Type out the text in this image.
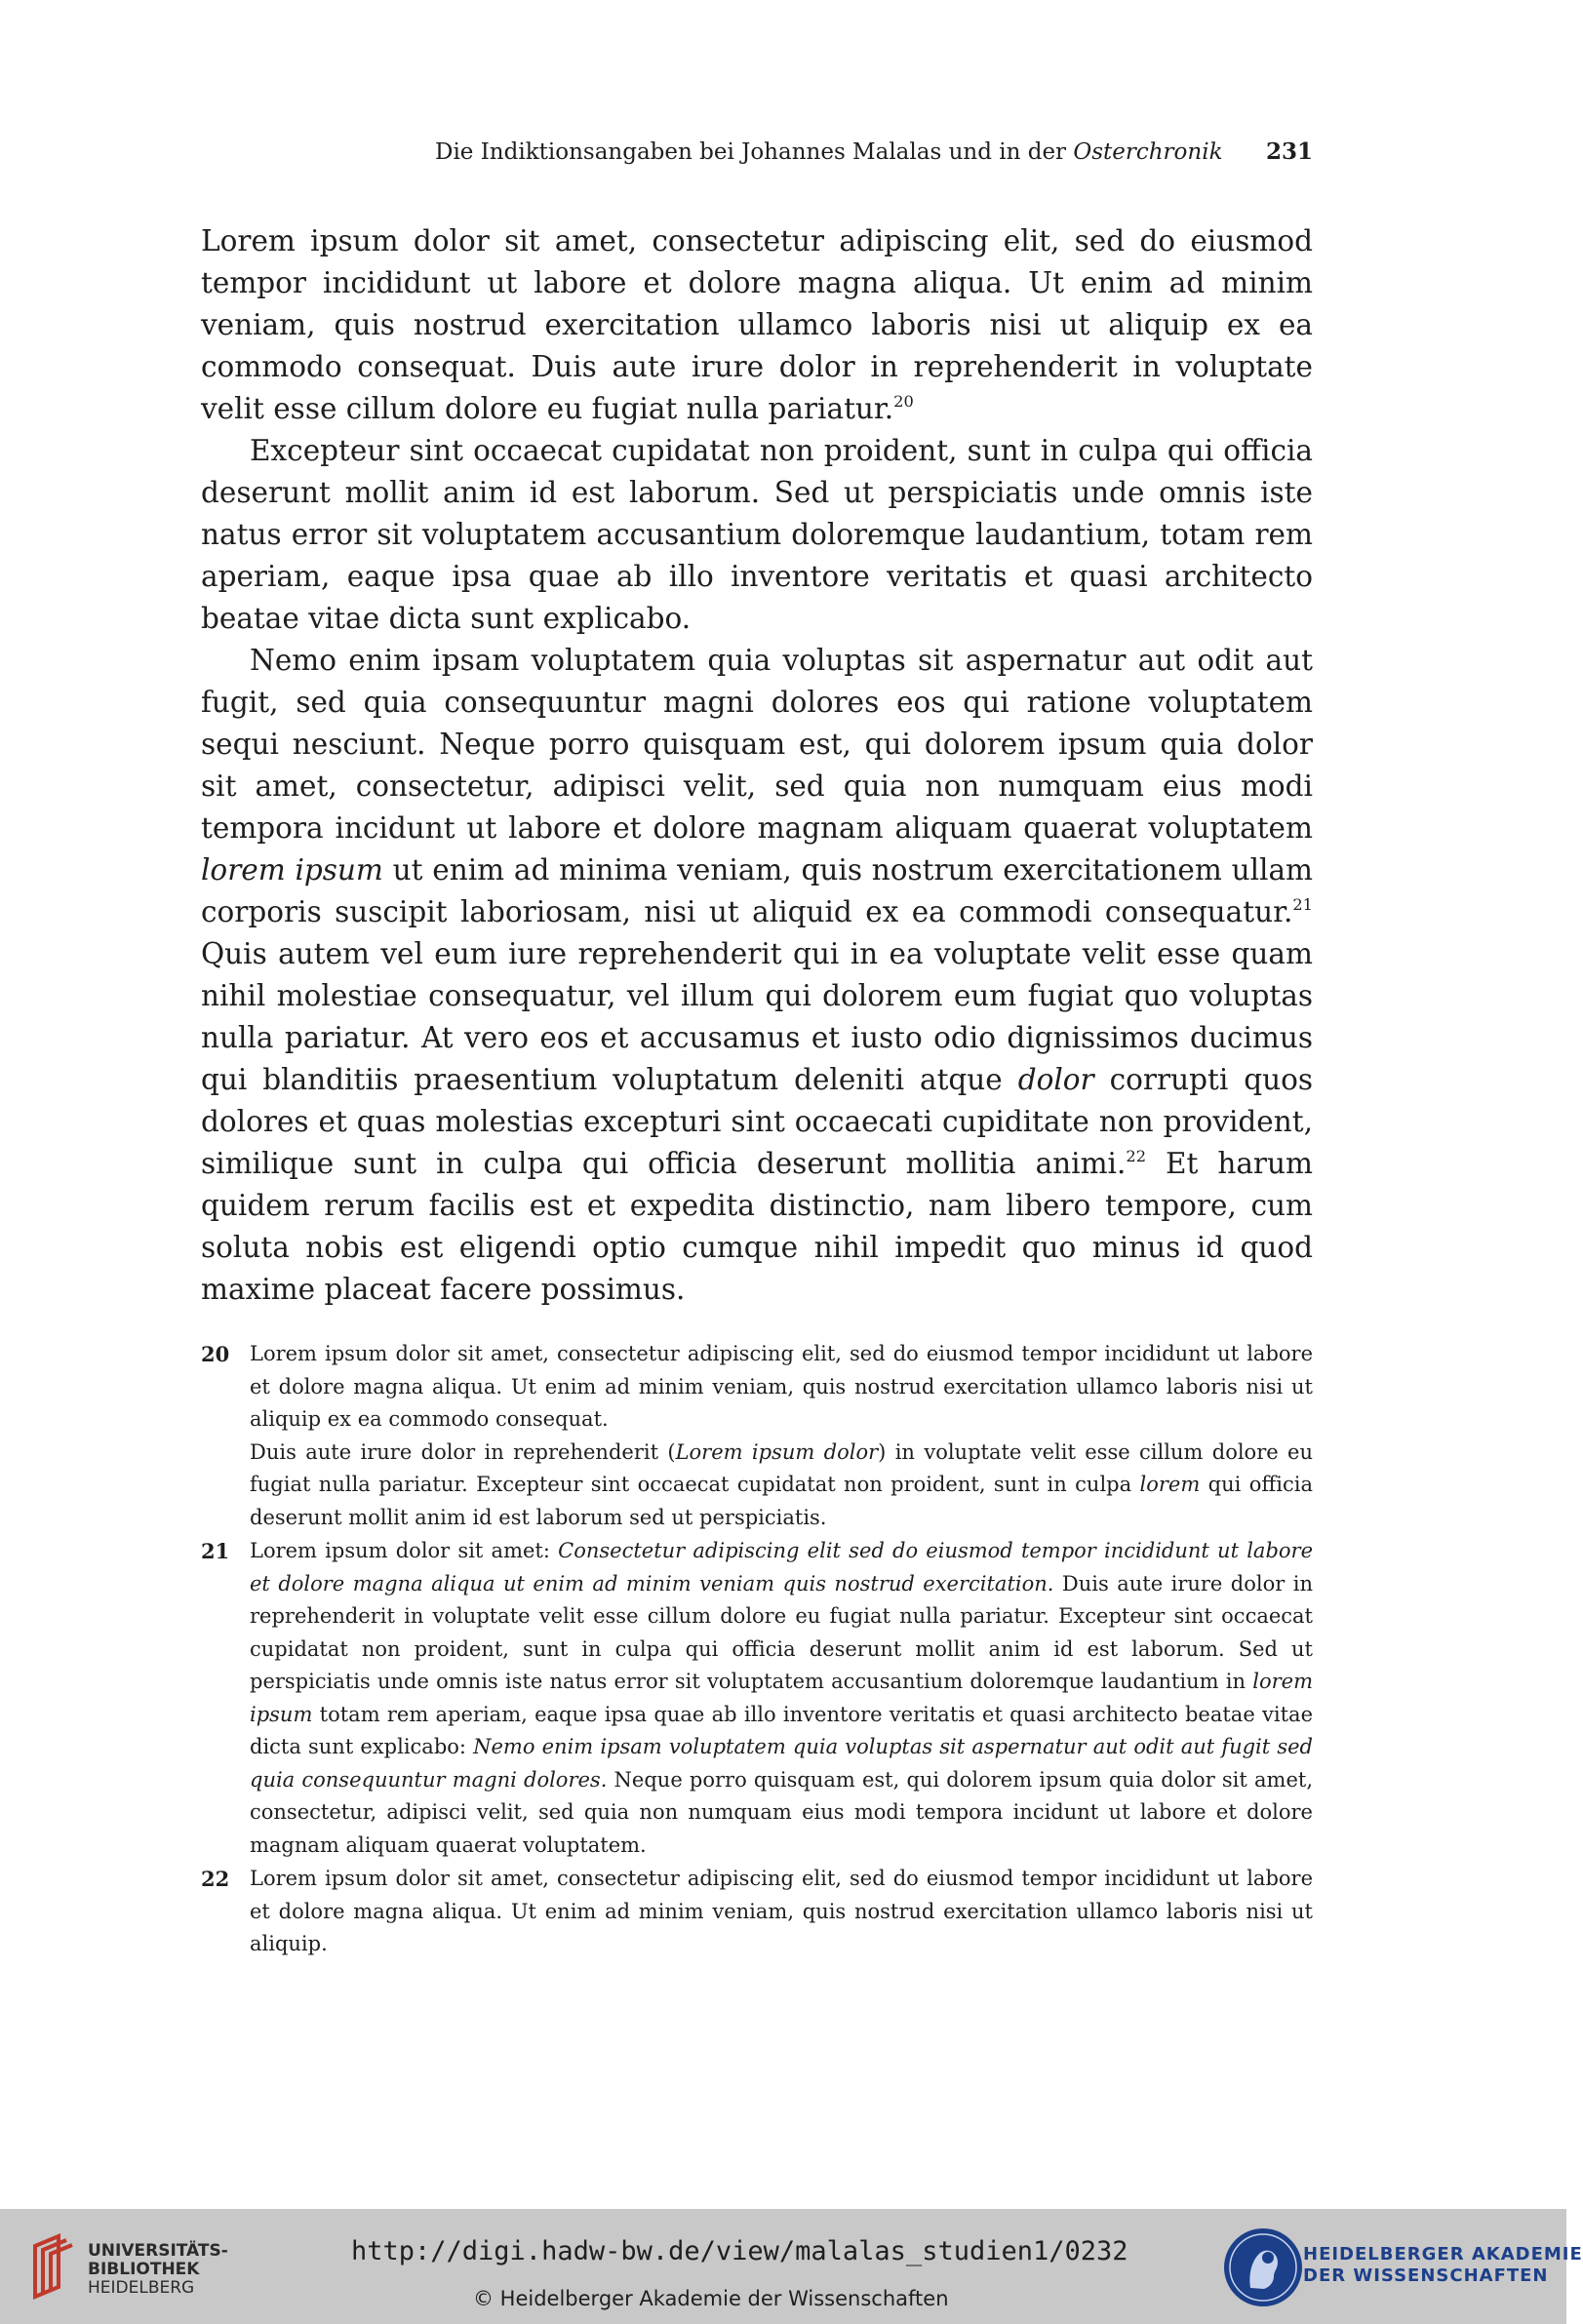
Die Indiktionsangaben bei Johannes Malalas und in der Osterchronik 231

Lorem ipsum dolor sit amet, consectetur adipiscing elit, sed do eiusmod tempor incididunt ut labore et dolore magna aliqua. Ut enim ad minim veniam, quis nostrud exercitation ullamco laboris nisi ut aliquip ex ea commodo consequat. Duis aute irure dolor in reprehenderit in voluptate velit esse cillum dolore eu fugiat nulla pariatur.$^{20}$

Excepteur sint occaecat cupidatat non proident, sunt in culpa qui officia deserunt mollit anim id est laborum. Sed ut perspiciatis unde omnis iste natus error sit voluptatem accusantium doloremque laudantium, totam rem aperiam, eaque ipsa quae ab illo inventore veritatis et quasi architecto beatae vitae dicta sunt explicabo.

Nemo enim ipsam voluptatem quia voluptas sit aspernatur aut odit aut fugit, sed quia consequuntur magni dolores eos qui ratione voluptatem sequi nesciunt. Neque porro quisquam est, qui dolorem ipsum quia dolor sit amet, consectetur, adipisci velit, sed quia non numquam eius modi tempora incidunt ut labore et dolore magnam aliquam quaerat voluptatem lorem ipsum ut enim ad minima veniam, quis nostrum exercitationem ullam corporis suscipit laboriosam, nisi ut aliquid ex ea commodi consequatur.$^{21}$ Quis autem vel eum iure reprehenderit qui in ea voluptate velit esse quam nihil molestiae consequatur, vel illum qui dolorem eum fugiat quo voluptas nulla pariatur. At vero eos et accusamus et iusto odio dignissimos ducimus qui blanditiis praesentium voluptatum deleniti atque dolor corrupti quos dolores et quas molestias excepturi sint occaecati cupiditate non provident, similique sunt in culpa qui officia deserunt mollitia animi.$^{22}$ Et harum quidem rerum facilis est et expedita distinctio, nam libero tempore, cum soluta nobis est eligendi optio cumque nihil impedit quo minus id quod maxime placeat facere possimus.

20 Lorem ipsum dolor sit amet, consectetur adipiscing elit, sed do eiusmod tempor incididunt ut labore et dolore magna aliqua. Ut enim ad minim veniam, quis nostrud exercitation ullamco laboris nisi ut aliquip ex ea commodo consequat.

Duis aute irure dolor in reprehenderit (Lorem ipsum dolor) in voluptate velit esse cillum dolore eu fugiat nulla pariatur. Excepteur sint occaecat cupidatat non proident, sunt in culpa lorem qui officia deserunt mollit anim id est laborum sed ut perspiciatis.

21 Lorem ipsum dolor sit amet: Consectetur adipiscing elit sed do eiusmod tempor incididunt ut labore et dolore magna aliqua ut enim ad minim veniam quis nostrud exercitation. Duis aute irure dolor in reprehenderit in voluptate velit esse cillum dolore eu fugiat nulla pariatur. Excepteur sint occaecat cupidatat non proident, sunt in culpa qui officia deserunt mollit anim id est laborum. Sed ut perspiciatis unde omnis iste natus error sit voluptatem accusantium doloremque laudantium in lorem ipsum totam rem aperiam, eaque ipsa quae ab illo inventore veritatis et quasi architecto beatae vitae dicta sunt explicabo: Nemo enim ipsam voluptatem quia voluptas sit aspernatur aut odit aut fugit sed quia consequuntur magni dolores. Neque porro quisquam est, qui dolorem ipsum quia dolor sit amet, consectetur, adipisci velit, sed quia non numquam eius modi tempora incidunt ut labore et dolore magnam aliquam quaerat voluptatem.

22 Lorem ipsum dolor sit amet, consectetur adipiscing elit, sed do eiusmod tempor incididunt ut labore et dolore magna aliqua. Ut enim ad minim veniam, quis nostrud exercitation ullamco laboris nisi ut aliquip.

UNIVERSITÄTS-
BIBLIOTHEK
HEIDELBERG
http://digi.hadw-bw.de/view/malalas_studien1/0232
© Heidelberger Akademie der Wissenschaften
HEIDELBERGER AKADEMIE
DER WISSENSCHAFTEN
